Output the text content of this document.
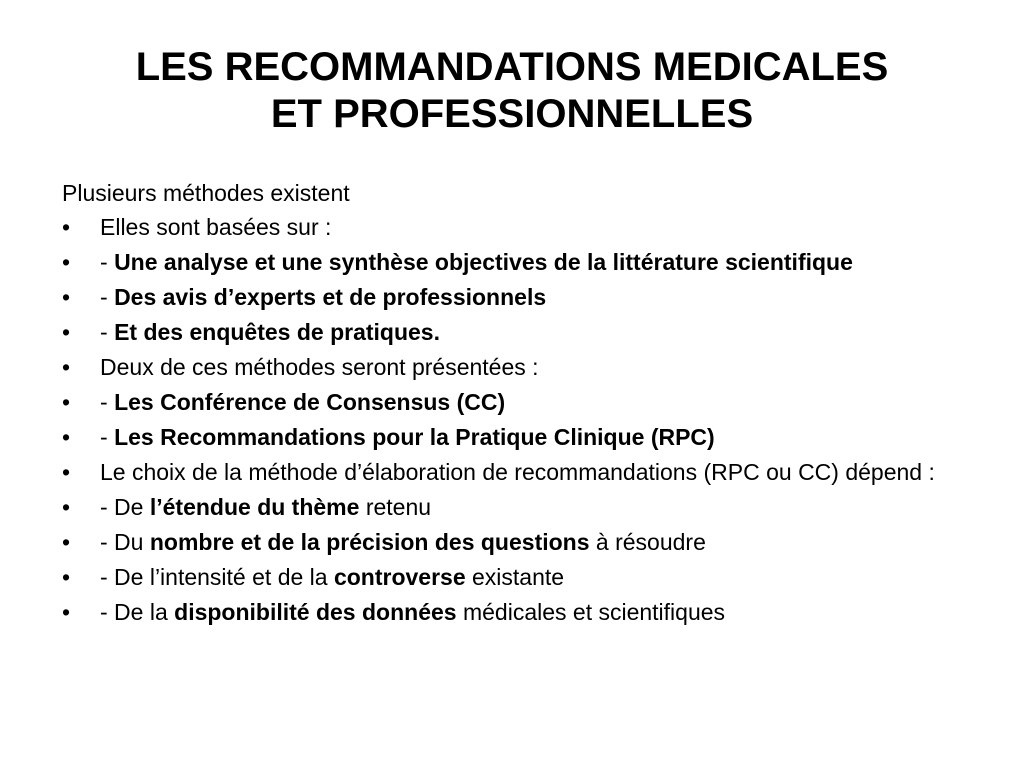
LES RECOMMANDATIONS MEDICALES
ET PROFESSIONNELLES
Plusieurs méthodes existent
• Elles sont basées sur :
• - Une analyse et une synthèse objectives de la littérature scientifique
• - Des avis d’experts et de professionnels
• - Et des enquêtes de pratiques.
• Deux de ces méthodes seront présentées :
• - Les Conférence de Consensus (CC)
• - Les Recommandations pour la Pratique Clinique (RPC)
• Le choix de la méthode d’élaboration de recommandations (RPC ou CC) dépend :
• - De l’étendue du thème retenu
• - Du nombre et de la précision des questions à résoudre
• - De l’intensité et de la controverse existante
• - De la disponibilité des données médicales et scientifiques
